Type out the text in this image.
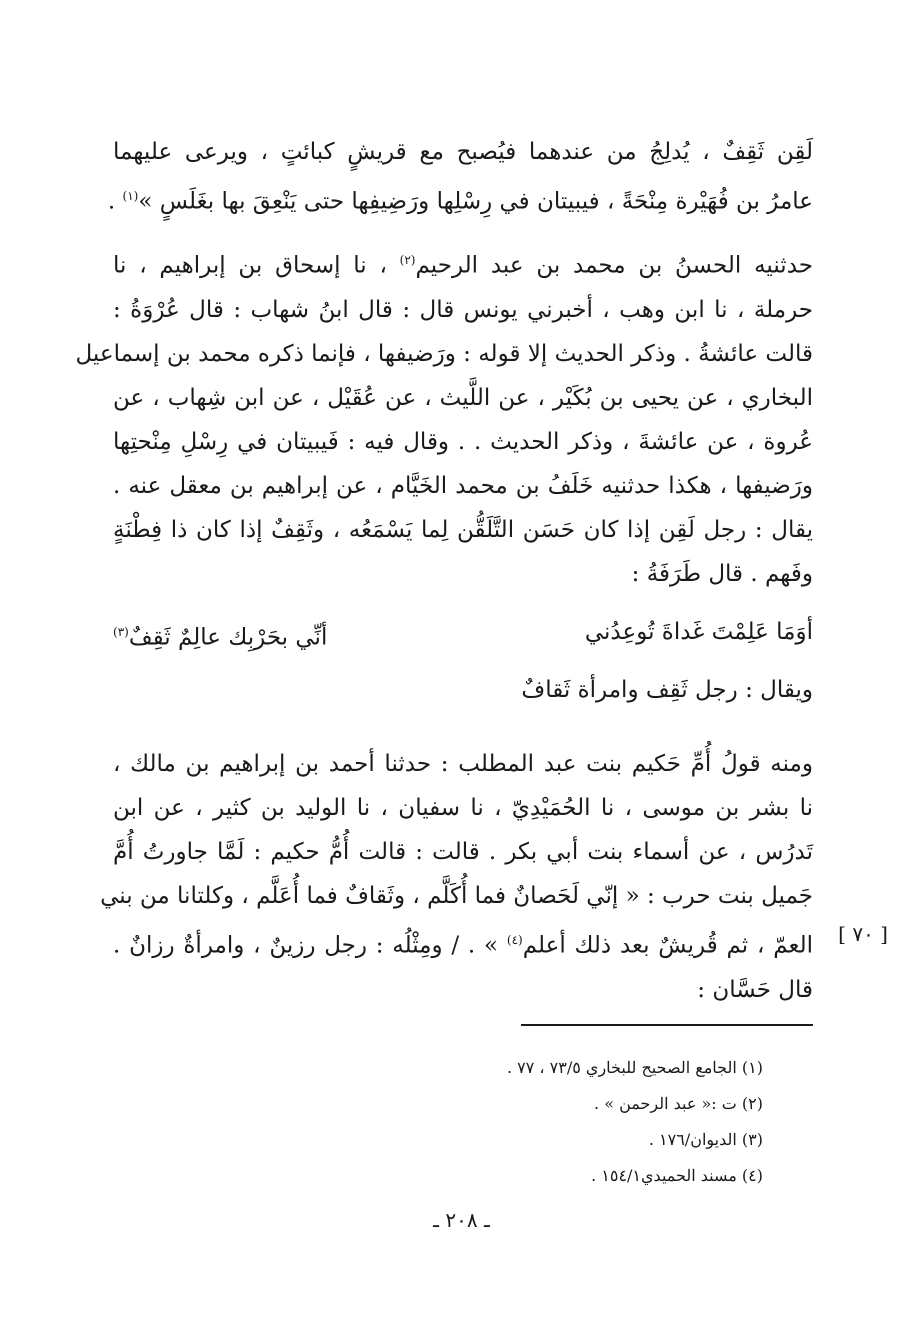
لَقِن ثَقِفٌ ، يُدلِجُ من عندهما فيُصبح مع قريشٍ كبائتٍ ، ويرعى عليهما
عامرُ بن فُهَيْرة مِنْحَةً ، فيبيتان في رِسْلِها ورَضِيفِها حتى يَنْعِقَ بها بغَلَسٍ »$^{(١)}$ .
حدثنيه الحسنُ بن محمد بن عبد الرحيم$^{(٢)}$ ، نا إسحاق بن إبراهيم ، نا
حرملة ، نا ابن وهب ، أخبرني يونس قال : قال ابنُ شهاب : قال عُرْوَةُ :
قالت عائشةُ . وذكر الحديث إلا قوله : ورَضيفها ، فإنما ذكره محمد بن إسماعيل
البخاري ، عن يحيى بن بُكَيْر ، عن اللَّيث ، عن عُقَيْل ، عن ابن شِهاب ، عن
عُروة ، عن عائشةَ ، وذكر الحديث . . وقال فيه : فَيبيتان في رِسْلِ مِنْحتِها
ورَضيفها ، هكذا حدثنيه خَلَفُ بن محمد الخَيَّام ، عن إبراهيم بن معقل عنه .
يقال : رجل لَقِن إذا كان حَسَن التَّلَقُّن لِما يَسْمَعُه ، وثَقِفٌ إذا كان ذا فِطْنَةٍ
وفَهم . قال طَرَفَةُ :
أوَمَا عَلِمْتَ غَداةَ تُوعِدُني
أنِّي بحَرْبِك عالِمٌ ثَقِفٌ$^{(٣)}$
ويقال : رجل ثَقِف وامرأة ثَقافٌ
ومنه قولُ أُمِّ حَكيم بنت عبد المطلب : حدثنا أحمد بن إبراهيم بن مالك ،
نا بشر بن موسى ، نا الحُمَيْدِيّ ، نا سفيان ، نا الوليد بن كثير ، عن ابن
تَدرُس ، عن أسماء بنت أبي بكر . قالت : قالت أُمُّ حكيم : لَمَّا جاورتُ أُمَّ
جَميل بنت حرب : « إنّي لَحَصانٌ فما أُكَلَّم ، وثَقافٌ فما أُعَلَّم ، وكلتانا من بني
العمّ ، ثم قُريشٌ بعد ذلك أعلم$^{(٤)}$ » . / ومِثْلُه : رجل رزينٌ ، وامرأةٌ رزانٌ .
قال حَسَّان :
[ ٧٠ ]
(١) الجامع الصحيح للبخاري ٧٣/٥ ، ٧٧ .
(٢) ت :« عبد الرحمن » .
(٣) الديوان/١٧٦ .
(٤) مسند الحميدي١٥٤/١ .
ـ ٢٠٨ ـ
